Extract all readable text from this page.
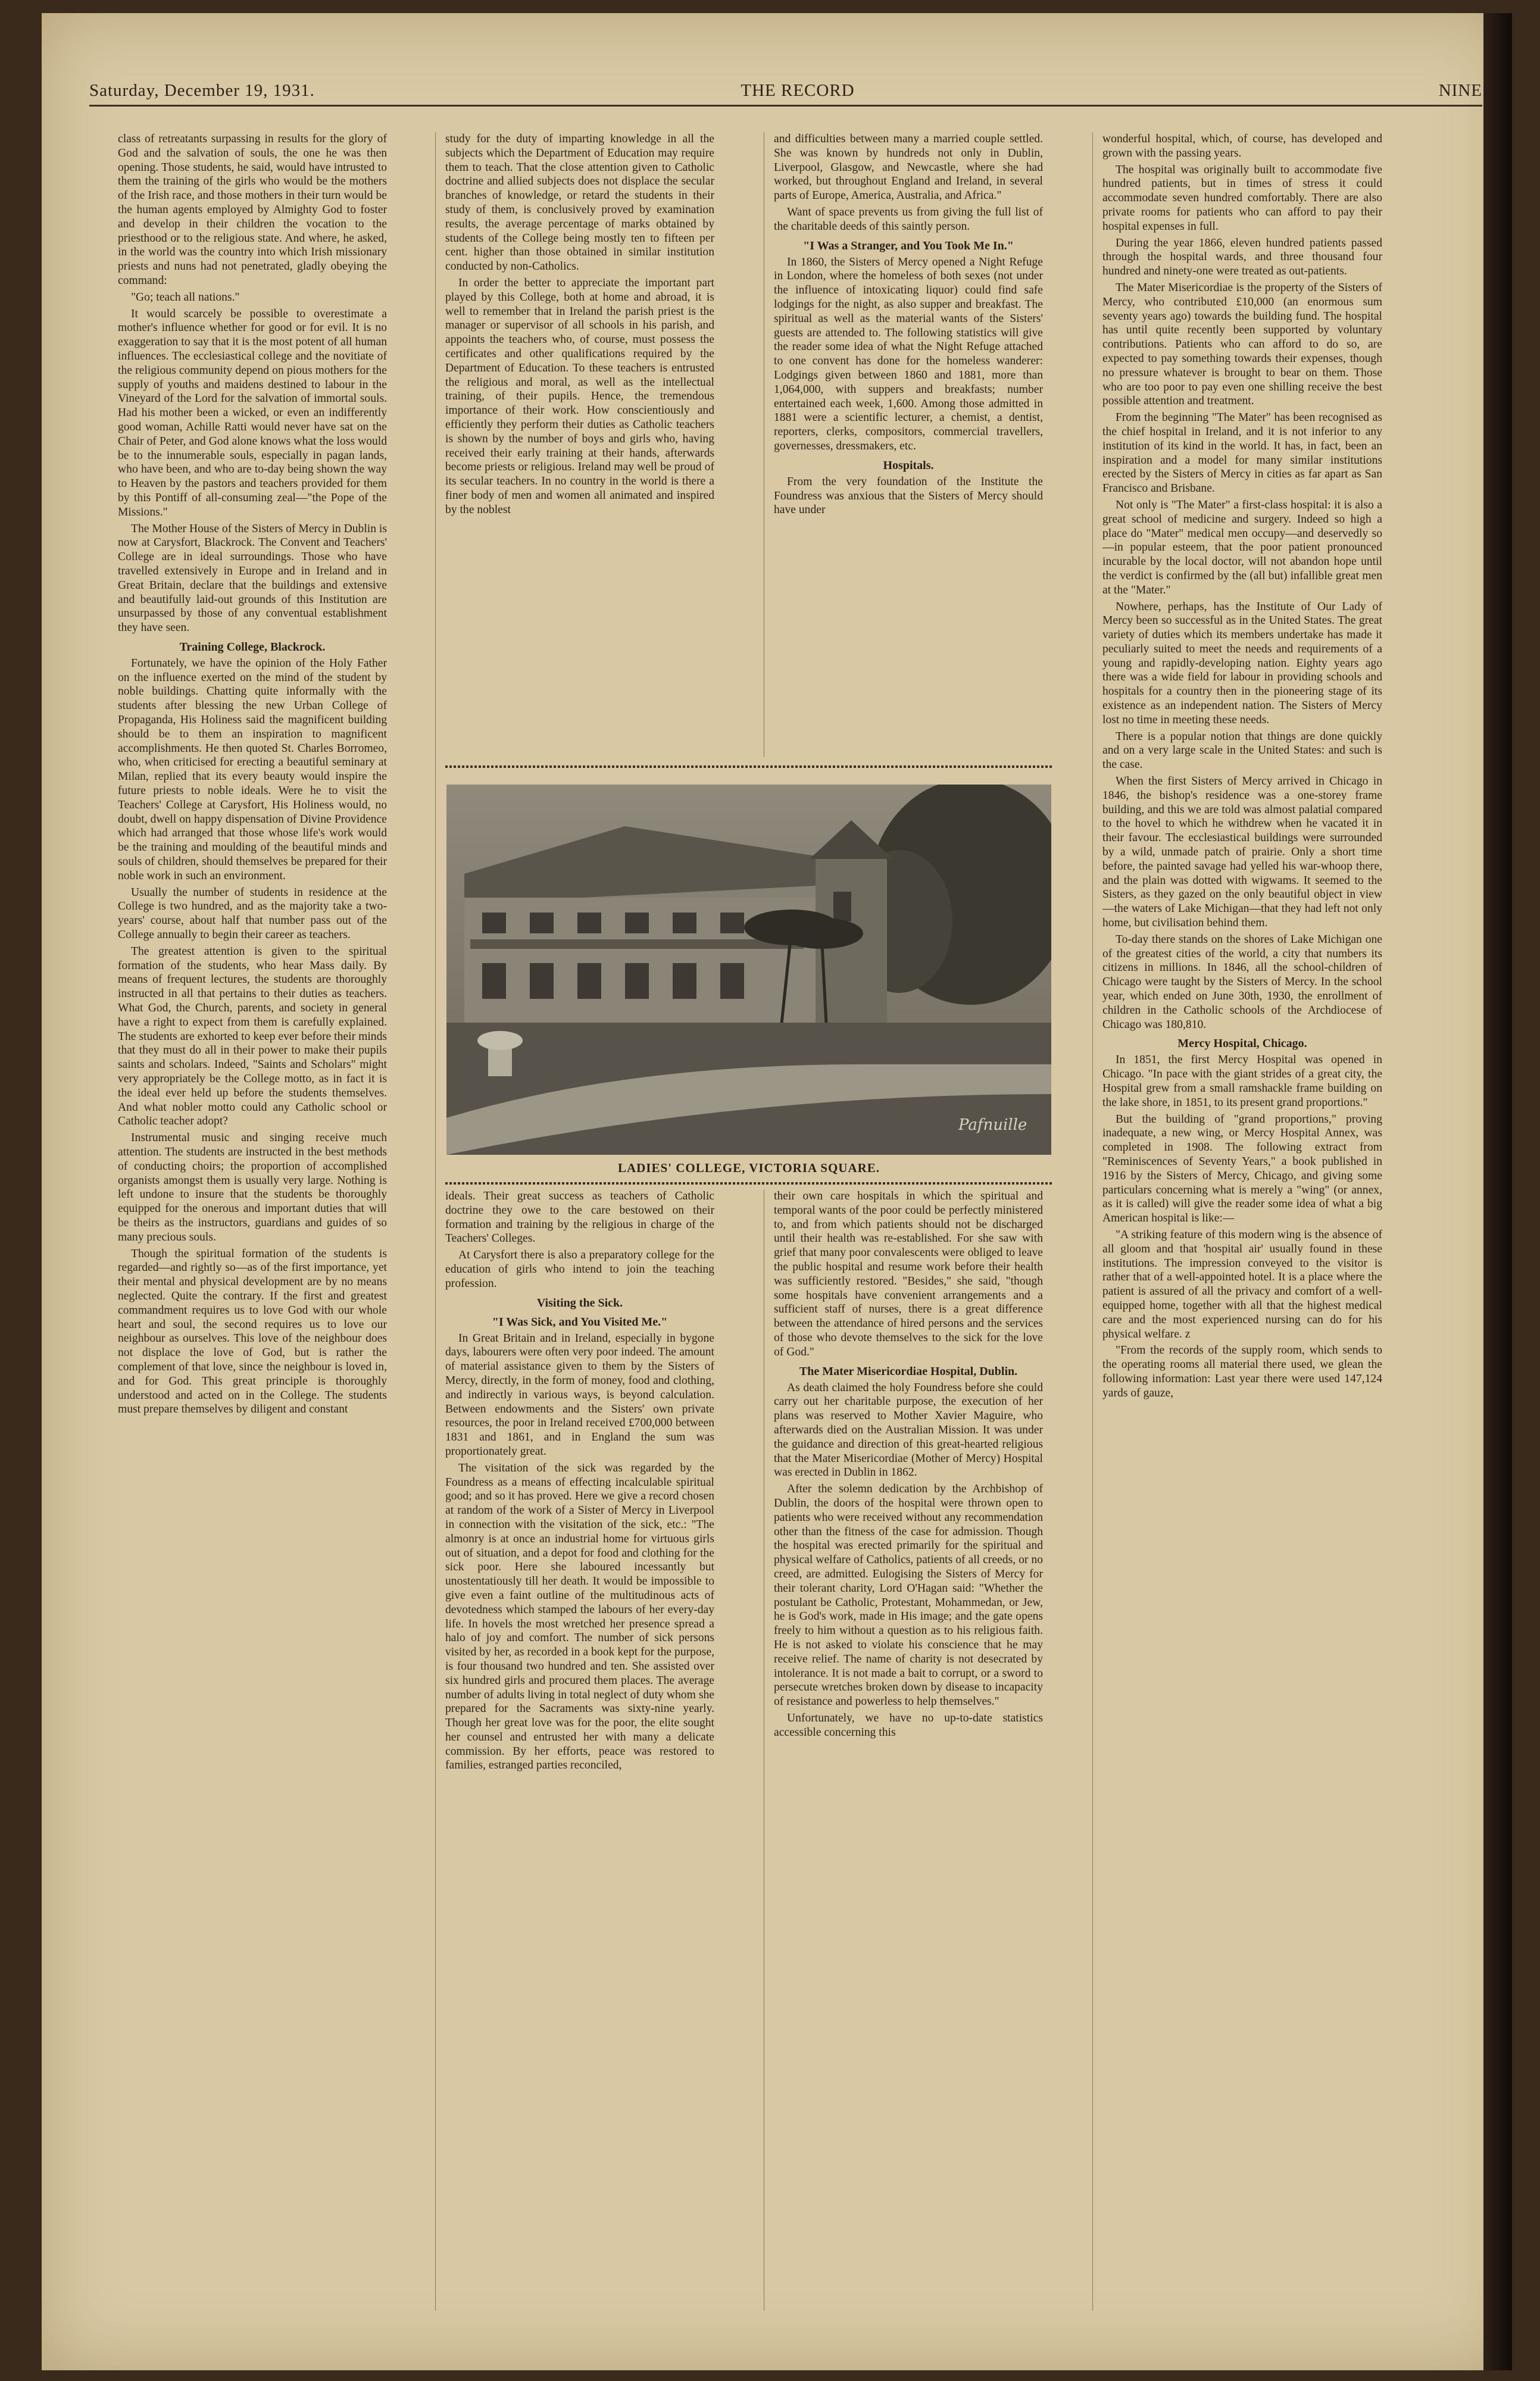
Saturday, December 19, 1931.	THE RECORD	NINE

class of retreatants surpassing in results for the glory of God and the salvation of souls, the one he was then opening. Those students, he said, would have intrusted to them the training of the girls who would be the mothers of the Irish race, and those mothers in their turn would be the human agents employed by Almighty God to foster and develop in their children the vocation to the priesthood or to the religious state. And where, he asked, in the world was the country into which Irish missionary priests and nuns had not penetrated, gladly obeying the command:

"Go; teach all nations."

It would scarcely be possible to overestimate a mother's influence whether for good or for evil. It is no exaggeration to say that it is the most potent of all human influences. The ecclesiastical college and the novitiate of the religious community depend on pious mothers for the supply of youths and maidens destined to labour in the Vineyard of the Lord for the salvation of immortal souls. Had his mother been a wicked, or even an indifferently good woman, Achille Ratti would never have sat on the Chair of Peter, and God alone knows what the loss would be to the innumerable souls, especially in pagan lands, who have been, and who are to-day being shown the way to Heaven by the pastors and teachers provided for them by this Pontiff of all-consuming zeal—"the Pope of the Missions."

The Mother House of the Sisters of Mercy in Dublin is now at Carysfort, Blackrock. The Convent and Teachers' College are in ideal surroundings. Those who have travelled extensively in Europe and in Ireland and in Great Britain, declare that the buildings and extensive and beautifully laid-out grounds of this Institution are unsurpassed by those of any conventual establishment they have seen.

Training College, Blackrock.

Fortunately, we have the opinion of the Holy Father on the influence exerted on the mind of the student by noble buildings. Chatting quite informally with the students after blessing the new Urban College of Propaganda, His Holiness said the magnificent building should be to them an inspiration to magnificent accomplishments. He then quoted St. Charles Borromeo, who, when criticised for erecting a beautiful seminary at Milan, replied that its every beauty would inspire the future priests to noble ideals. Were he to visit the Teachers' College at Carysfort, His Holiness would, no doubt, dwell on happy dispensation of Divine Providence which had arranged that those whose life's work would be the training and moulding of the beautiful minds and souls of children, should themselves be prepared for their noble work in such an environment.

Usually the number of students in residence at the College is two hundred, and as the majority take a two-years' course, about half that number pass out of the College annually to begin their career as teachers.

The greatest attention is given to the spiritual formation of the students, who hear Mass daily. By means of frequent lectures, the students are thoroughly instructed in all that pertains to their duties as teachers. What God, the Church, parents, and society in general have a right to expect from them is carefully explained. The students are exhorted to keep ever before their minds that they must do all in their power to make their pupils saints and scholars. Indeed, "Saints and Scholars" might very appropriately be the College motto, as in fact it is the ideal ever held up before the students themselves. And what nobler motto could any Catholic school or Catholic teacher adopt?

Instrumental music and singing receive much attention. The students are instructed in the best methods of conducting choirs; the proportion of accomplished organists amongst them is usually very large. Nothing is left undone to insure that the students be thoroughly equipped for the onerous and important duties that will be theirs as the instructors, guardians and guides of so many precious souls.

Though the spiritual formation of the students is regarded—and rightly so—as of the first importance, yet their mental and physical development are by no means neglected. Quite the contrary. If the first and greatest commandment requires us to love God with our whole heart and soul, the second requires us to love our neighbour as ourselves. This love of the neighbour does not displace the love of God, but is rather the complement of that love, since the neighbour is loved in, and for God. This great principle is thoroughly understood and acted on in the College. The students must prepare themselves by diligent and constant

study for the duty of imparting knowledge in all the subjects which the Department of Education may require them to teach. That the close attention given to Catholic doctrine and allied subjects does not displace the secular branches of knowledge, or retard the students in their study of them, is conclusively proved by examination results, the average percentage of marks obtained by students of the College being mostly ten to fifteen per cent. higher than those obtained in similar institution conducted by non-Catholics.

In order the better to appreciate the important part played by this College, both at home and abroad, it is well to remember that in Ireland the parish priest is the manager or supervisor of all schools in his parish, and appoints the teachers who, of course, must possess the certificates and other qualifications required by the Department of Education. To these teachers is entrusted the religious and moral, as well as the intellectual training, of their pupils. Hence, the tremendous importance of their work. How conscientiously and efficiently they perform their duties as Catholic teachers is shown by the number of boys and girls who, having received their early training at their hands, afterwards become priests or religious. Ireland may well be proud of its secular teachers. In no country in the world is there a finer body of men and women all animated and inspired by the noblest

and difficulties between many a married couple settled. She was known by hundreds not only in Dublin, Liverpool, Glasgow, and Newcastle, where she had worked, but throughout England and Ireland, in several parts of Europe, America, Australia, and Africa."

Want of space prevents us from giving the full list of the charitable deeds of this saintly person.

"I Was a Stranger, and You Took Me In."

In 1860, the Sisters of Mercy opened a Night Refuge in London, where the homeless of both sexes (not under the influence of intoxicating liquor) could find safe lodgings for the night, as also supper and breakfast. The spiritual as well as the material wants of the Sisters' guests are attended to. The following statistics will give the reader some idea of what the Night Refuge attached to one convent has done for the homeless wanderer: Lodgings given between 1860 and 1881, more than 1,064,000, with suppers and breakfasts; number entertained each week, 1,600. Among those admitted in 1881 were a scientific lecturer, a chemist, a dentist, reporters, clerks, compositors, commercial travellers, governesses, dressmakers, etc.

Hospitals.

From the very foundation of the Institute the Foundress was anxious that the Sisters of Mercy should have under

Pafnuille
LADIES' COLLEGE, VICTORIA SQUARE.

ideals. Their great success as teachers of Catholic doctrine they owe to the care bestowed on their formation and training by the religious in charge of the Teachers' Colleges.

At Carysfort there is also a preparatory college for the education of girls who intend to join the teaching profession.

Visiting the Sick.
"I Was Sick, and You Visited Me."

In Great Britain and in Ireland, especially in bygone days, labourers were often very poor indeed. The amount of material assistance given to them by the Sisters of Mercy, directly, in the form of money, food and clothing, and indirectly in various ways, is beyond calculation. Between endowments and the Sisters' own private resources, the poor in Ireland received £700,000 between 1831 and 1861, and in England the sum was proportionately great.

The visitation of the sick was regarded by the Foundress as a means of effecting incalculable spiritual good; and so it has proved. Here we give a record chosen at random of the work of a Sister of Mercy in Liverpool in connection with the visitation of the sick, etc.: "The almonry is at once an industrial home for virtuous girls out of situation, and a depot for food and clothing for the sick poor. Here she laboured incessantly but unostentatiously till her death. It would be impossible to give even a faint outline of the multitudinous acts of devotedness which stamped the labours of her every-day life. In hovels the most wretched her presence spread a halo of joy and comfort. The number of sick persons visited by her, as recorded in a book kept for the purpose, is four thousand two hundred and ten. She assisted over six hundred girls and procured them places. The average number of adults living in total neglect of duty whom she prepared for the Sacraments was sixty-nine yearly. Though her great love was for the poor, the elite sought her counsel and entrusted her with many a delicate commission. By her efforts, peace was restored to families, estranged parties reconciled,

their own care hospitals in which the spiritual and temporal wants of the poor could be perfectly ministered to, and from which patients should not be discharged until their health was re-established. For she saw with grief that many poor convalescents were obliged to leave the public hospital and resume work before their health was sufficiently restored. "Besides," she said, "though some hospitals have convenient arrangements and a sufficient staff of nurses, there is a great difference between the attendance of hired persons and the services of those who devote themselves to the sick for the love of God."

The Mater Misericordiae Hospital, Dublin.

As death claimed the holy Foundress before she could carry out her charitable purpose, the execution of her plans was reserved to Mother Xavier Maguire, who afterwards died on the Australian Mission. It was under the guidance and direction of this great-hearted religious that the Mater Misericordiae (Mother of Mercy) Hospital was erected in Dublin in 1862.

After the solemn dedication by the Archbishop of Dublin, the doors of the hospital were thrown open to patients who were received without any recommendation other than the fitness of the case for admission. Though the hospital was erected primarily for the spiritual and physical welfare of Catholics, patients of all creeds, or no creed, are admitted. Eulogising the Sisters of Mercy for their tolerant charity, Lord O'Hagan said: "Whether the postulant be Catholic, Protestant, Mohammedan, or Jew, he is God's work, made in His image; and the gate opens freely to him without a question as to his religious faith. He is not asked to violate his conscience that he may receive relief. The name of charity is not desecrated by intolerance. It is not made a bait to corrupt, or a sword to persecute wretches broken down by disease to incapacity of resistance and powerless to help themselves."

Unfortunately, we have no up-to-date statistics accessible concerning this

wonderful hospital, which, of course, has developed and grown with the passing years.

The hospital was originally built to accommodate five hundred patients, but in times of stress it could accommodate seven hundred comfortably. There are also private rooms for patients who can afford to pay their hospital expenses in full.

During the year 1866, eleven hundred patients passed through the hospital wards, and three thousand four hundred and ninety-one were treated as out-patients.

The Mater Misericordiae is the property of the Sisters of Mercy, who contributed £10,000 (an enormous sum seventy years ago) towards the building fund. The hospital has until quite recently been supported by voluntary contributions. Patients who can afford to do so, are expected to pay something towards their expenses, though no pressure whatever is brought to bear on them. Those who are too poor to pay even one shilling receive the best possible attention and treatment.

From the beginning "The Mater" has been recognised as the chief hospital in Ireland, and it is not inferior to any institution of its kind in the world. It has, in fact, been an inspiration and a model for many similar institutions erected by the Sisters of Mercy in cities as far apart as San Francisco and Brisbane.

Not only is "The Mater" a first-class hospital: it is also a great school of medicine and surgery. Indeed so high a place do "Mater" medical men occupy—and deservedly so—in popular esteem, that the poor patient pronounced incurable by the local doctor, will not abandon hope until the verdict is confirmed by the (all but) infallible great men at the "Mater."

Nowhere, perhaps, has the Institute of Our Lady of Mercy been so successful as in the United States. The great variety of duties which its members undertake has made it peculiarly suited to meet the needs and requirements of a young and rapidly-developing nation. Eighty years ago there was a wide field for labour in providing schools and hospitals for a country then in the pioneering stage of its existence as an independent nation. The Sisters of Mercy lost no time in meeting these needs.

There is a popular notion that things are done quickly and on a very large scale in the United States: and such is the case.

When the first Sisters of Mercy arrived in Chicago in 1846, the bishop's residence was a one-storey frame building, and this we are told was almost palatial compared to the hovel to which he withdrew when he vacated it in their favour. The ecclesiastical buildings were surrounded by a wild, unmade patch of prairie. Only a short time before, the painted savage had yelled his war-whoop there, and the plain was dotted with wigwams. It seemed to the Sisters, as they gazed on the only beautiful object in view—the waters of Lake Michigan—that they had left not only home, but civilisation behind them.

To-day there stands on the shores of Lake Michigan one of the greatest cities of the world, a city that numbers its citizens in millions. In 1846, all the school-children of Chicago were taught by the Sisters of Mercy. In the school year, which ended on June 30th, 1930, the enrollment of children in the Catholic schools of the Archdiocese of Chicago was 180,810.

Mercy Hospital, Chicago.

In 1851, the first Mercy Hospital was opened in Chicago. "In pace with the giant strides of a great city, the Hospital grew from a small ramshackle frame building on the lake shore, in 1851, to its present grand proportions."

But the building of "grand proportions," proving inadequate, a new wing, or Mercy Hospital Annex, was completed in 1908. The following extract from "Reminiscences of Seventy Years," a book published in 1916 by the Sisters of Mercy, Chicago, and giving some particulars concerning what is merely a "wing" (or annex, as it is called) will give the reader some idea of what a big American hospital is like:—

"A striking feature of this modern wing is the absence of all gloom and that 'hospital air' usually found in these institutions. The impression conveyed to the visitor is rather that of a well-appointed hotel. It is a place where the patient is assured of all the privacy and comfort of a well-equipped home, together with all that the highest medical care and the most experienced nursing can do for his physical welfare. z

"From the records of the supply room, which sends to the operating rooms all material there used, we glean the following information: Last year there were used 147,124 yards of gauze,
